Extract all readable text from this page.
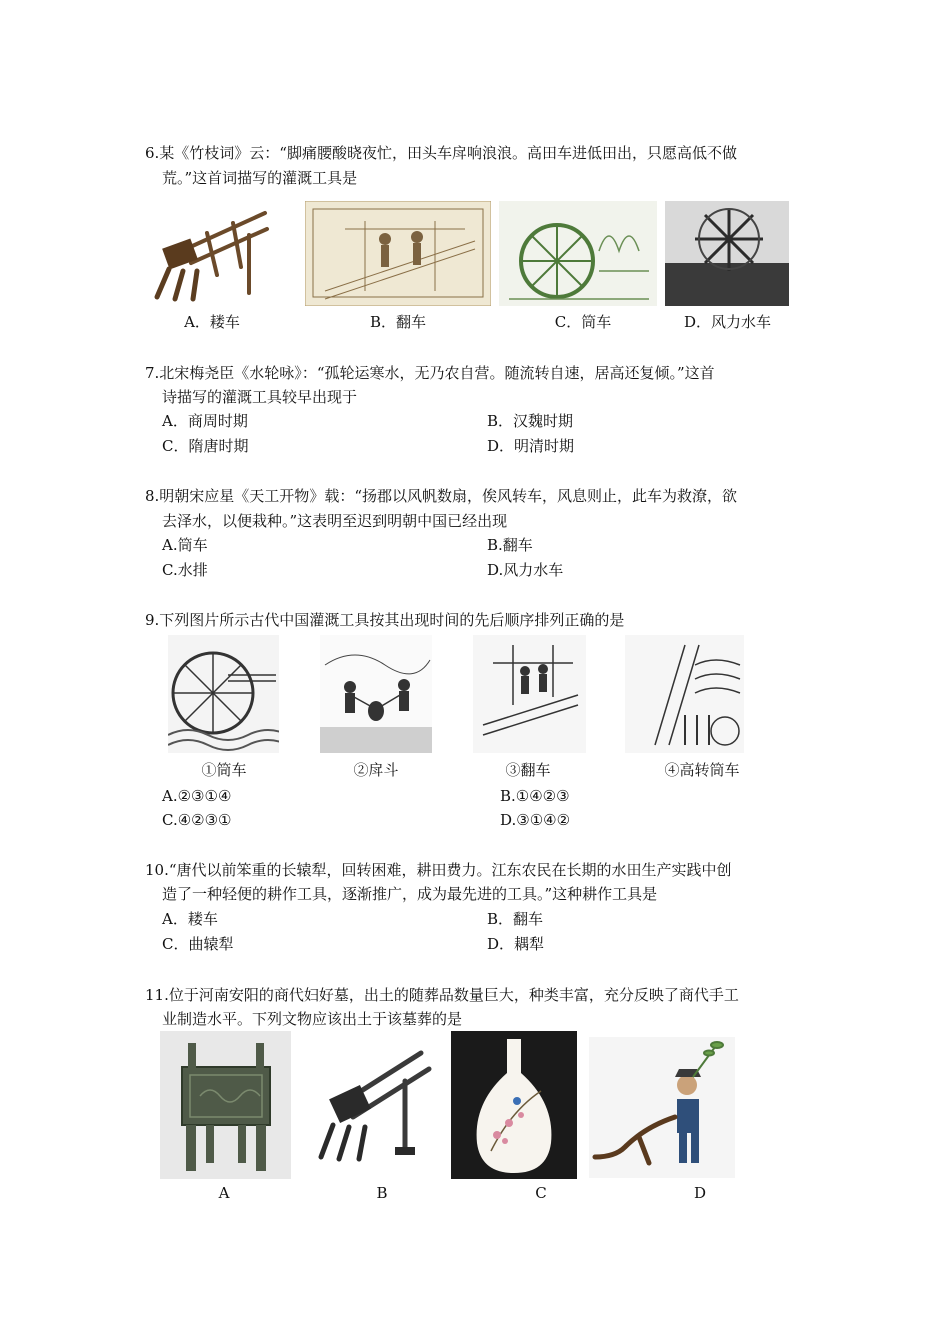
6.某《竹枝词》云：“脚痛腰酸晓夜忙，田头车戽响浪浪。高田车进低田出，只愿高低不做
荒。”这首词描写的灌溉工具是
A．耧车	B．翻车	C．筒车	D．风力水车
7.北宋梅尧臣《水轮咏》：“孤轮运寒水，无乃农自营。随流转自速，居高还复倾。”这首
诗描写的灌溉工具较早出现于
A．商周时期	B．汉魏时期
C．隋唐时期	D．明清时期
8.明朝宋应星《天工开物》载：“扬郡以风帆数扇，俟风转车，风息则止，此车为救潦，欲
去泽水，以便栽种。”这表明至迟到明朝中国已经出现
A.筒车	B.翻车
C.水排	D.风力水车
9.下列图片所示古代中国灌溉工具按其出现时间的先后顺序排列正确的是
①筒车	②戽斗	③翻车	④高转筒车
A.②③①④	B.①④②③
C.④②③①	D.③①④②
10.“唐代以前笨重的长辕犁，回转困难，耕田费力。江东农民在长期的水田生产实践中创
造了一种轻便的耕作工具，逐渐推广，成为最先进的工具。”这种耕作工具是
A．耧车	B．翻车
C．曲辕犁	D．耦犁
11.位于河南安阳的商代妇好墓，出土的随葬品数量巨大，种类丰富，充分反映了商代手工
业制造水平。下列文物应该出土于该墓葬的是
A	B	C	D
